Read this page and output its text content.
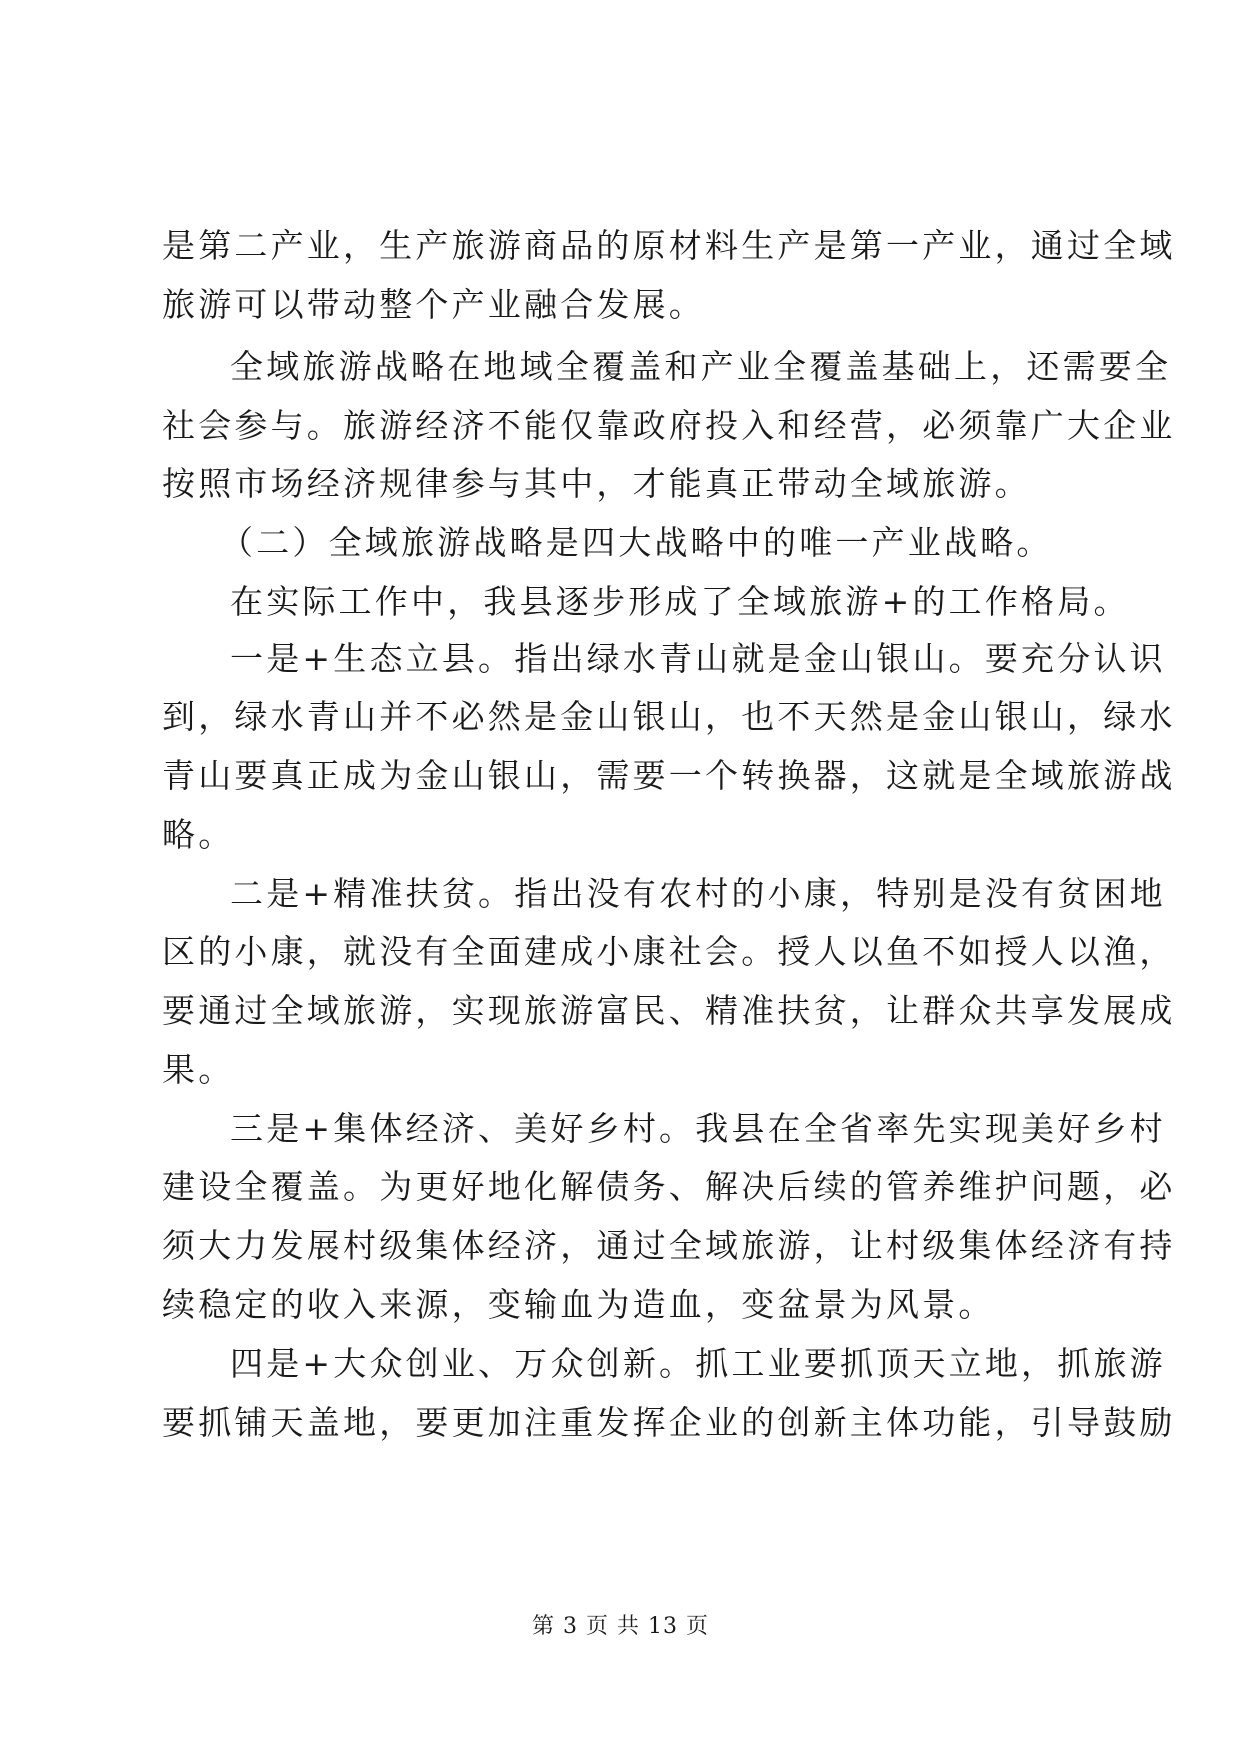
是第二产业，生产旅游商品的原材料生产是第一产业，通过全域
旅游可以带动整个产业融合发展。
全域旅游战略在地域全覆盖和产业全覆盖基础上，还需要全
社会参与。旅游经济不能仅靠政府投入和经营，必须靠广大企业
按照市场经济规律参与其中，才能真正带动全域旅游。
（二）全域旅游战略是四大战略中的唯一产业战略。
在实际工作中，我县逐步形成了全域旅游+的工作格局。
一是+生态立县。指出绿水青山就是金山银山。要充分认识
到，绿水青山并不必然是金山银山，也不天然是金山银山，绿水
青山要真正成为金山银山，需要一个转换器，这就是全域旅游战
略。
二是+精准扶贫。指出没有农村的小康，特别是没有贫困地
区的小康，就没有全面建成小康社会。授人以鱼不如授人以渔，
要通过全域旅游，实现旅游富民、精准扶贫，让群众共享发展成
果。
三是+集体经济、美好乡村。我县在全省率先实现美好乡村
建设全覆盖。为更好地化解债务、解决后续的管养维护问题，必
须大力发展村级集体经济，通过全域旅游，让村级集体经济有持
续稳定的收入来源，变输血为造血，变盆景为风景。
四是+大众创业、万众创新。抓工业要抓顶天立地，抓旅游
要抓铺天盖地，要更加注重发挥企业的创新主体功能，引导鼓励
第 3 页 共 13 页
